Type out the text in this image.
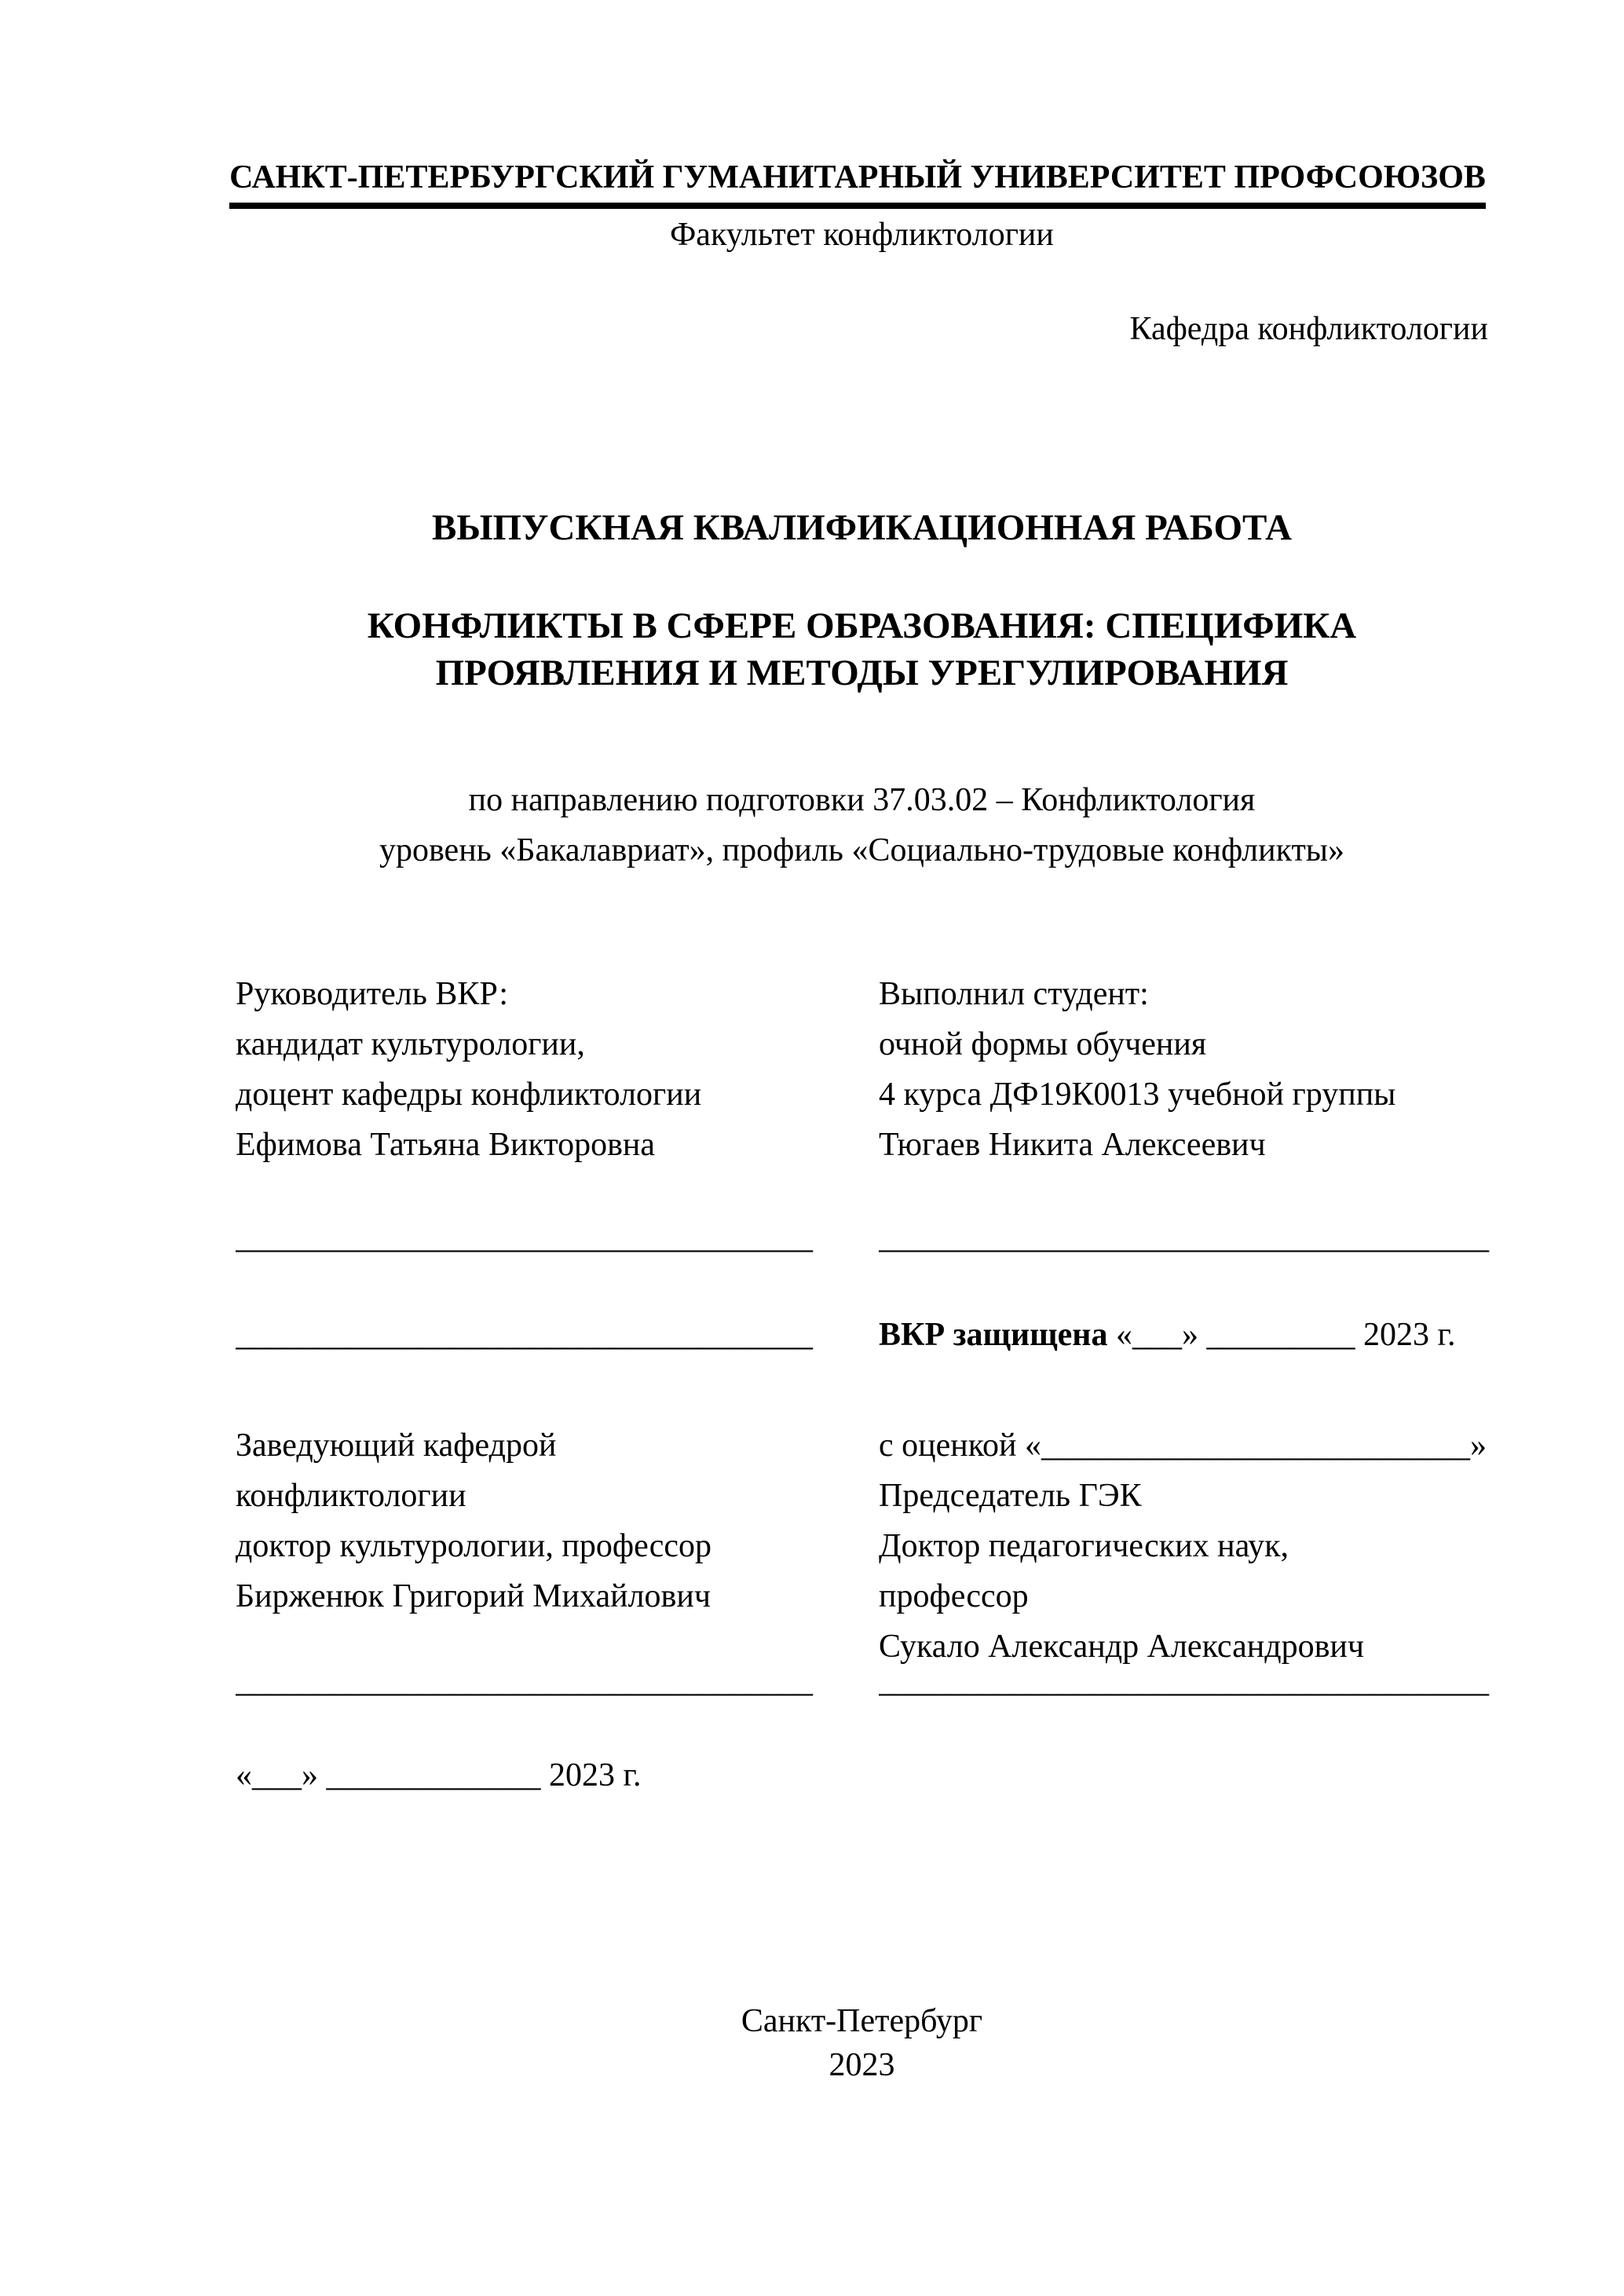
САНКТ-ПЕТЕРБУРГСКИЙ ГУМАНИТАРНЫЙ УНИВЕРСИТЕТ ПРОФСОЮЗОВ
Факультет конфликтологии
Кафедра конфликтологии
ВЫПУСКНАЯ КВАЛИФИКАЦИОННАЯ РАБОТА
КОНФЛИКТЫ В СФЕРЕ ОБРАЗОВАНИЯ: СПЕЦИФИКА
ПРОЯВЛЕНИЯ И МЕТОДЫ УРЕГУЛИРОВАНИЯ
по направлению подготовки 37.03.02 – Конфликтология
уровень «Бакалавриат», профиль «Социально-трудовые конфликты»
Руководитель ВКР:
кандидат культурологии,
доцент кафедры конфликтологии
Ефимова Татьяна Викторовна
Выполнил студент:
очной формы обучения
4 курса ДФ19К0013 учебной группы
Тюгаев Никита Алексеевич
___________________________________	_____________________________________
___________________________________	ВКР защищена «___» _________ 2023 г.
Заведующий кафедрой
конфликтологии
доктор культурологии, профессор
Бирженюк Григорий Михайлович
с оценкой «__________________________»
Председатель ГЭК
Доктор педагогических наук,
профессор
Сукало Александр Александрович
___________________________________	_____________________________________
«___» _____________ 2023 г.
Санкт-Петербург
2023
